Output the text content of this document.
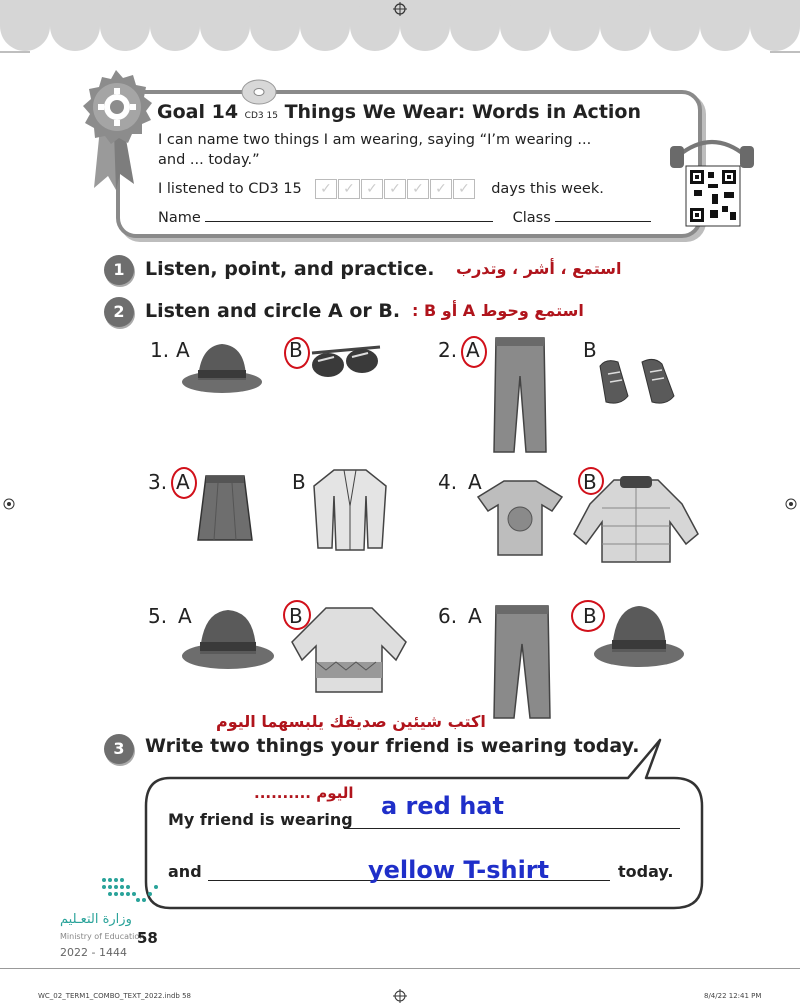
Goal 14 CD3 15 Things We Wear: Words in Action
I can name two things I am wearing, saying “I’m wearing ...
and ... today.”
I listened to CD3 15 ✓ ✓ ✓ ✓ ✓ ✓ ✓ days this week.
Name	Class
1	Listen, point, and practice. استمع ، أشر ، وتدرب
2	Listen and circle A or B. استمع وحوط A أو B :
1. A	B	2. A	B
3. A	B	4. A	B
5. A	B	6. A	B
اكتب شيئين صديقك يلبسهما اليوم
3	Write two things your friend is wearing today.
اليوم ..........
My friend is wearing a red hat
and	yellow T-shirt	today.
وزارة التعـليم
Ministry of Education
58
2022 - 1444
WC_02_TERM1_COMBO_TEXT_2022.indb 58	8/4/22 12:41 PM
